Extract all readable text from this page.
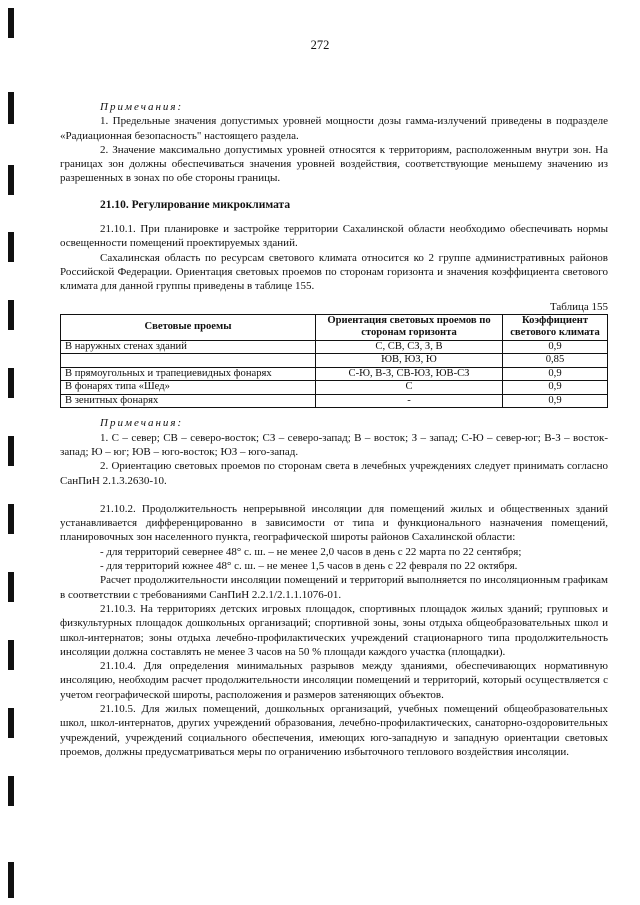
272
Примечания:

1. Предельные значения допустимых уровней мощности дозы гамма-излучений приведены в подразделе «Радиационная безопасность" настоящего раздела.

2. Значение максимально допустимых уровней относятся к территориям, расположенным внутри зон. На границах зон должны обеспечиваться значения уровней воздействия, соответствующие меньшему значению из разрешенных в зонах по обе стороны границы.

21.10. Регулирование микроклимата

21.10.1. При планировке и застройке территории Сахалинской области необходимо обеспечивать нормы освещенности помещений проектируемых зданий.

Сахалинская область по ресурсам светового климата относится ко 2 группе административных районов Российской Федерации. Ориентация световых проемов по сторонам горизонта и значения коэффициента светового климата для данной группы приведены в таблице 155.

Таблица 155
Световые проемы	Ориентация световых проемов по сторонам горизонта	Коэффициент светового климата
В наружных стенах зданий	С, СВ, СЗ, З, В	0,9
	ЮВ, ЮЗ, Ю	0,85
В прямоугольных и трапециевидных фонарях	С-Ю, В-З, СВ-ЮЗ, ЮВ-СЗ	0,9
В фонарях типа «Шед»	С	0,9
В зенитных фонарях	-	0,9
Примечания:

1. С – север; СВ – северо-восток; СЗ – северо-запад; В – восток; З – запад; С-Ю – север-юг; В-З – восток-запад; Ю – юг; ЮВ – юго-восток; ЮЗ – юго-запад.

2. Ориентацию световых проемов по сторонам света в лечебных учреждениях следует принимать согласно СанПиН 2.1.3.2630-10.

21.10.2. Продолжительность непрерывной инсоляции для помещений жилых и общественных зданий устанавливается дифференцированно в зависимости от типа и функционального назначения помещений, планировочных зон населенного пункта, географической широты районов Сахалинской области:

- для территорий севернее 48° с. ш. – не менее 2,0 часов в день с 22 марта по 22 сентября;

- для территорий южнее 48° с. ш. – не менее 1,5 часов в день с 22 февраля по 22 октября.

Расчет продолжительности инсоляции помещений и территорий выполняется по инсоляционным графикам в соответствии с требованиями СанПиН 2.2.1/2.1.1.1076-01.

21.10.3. На территориях детских игровых площадок, спортивных площадок жилых зданий; групповых и физкультурных площадок дошкольных организаций; спортивной зоны, зоны отдыха общеобразовательных школ и школ-интернатов; зоны отдыха лечебно-профилактических учреждений стационарного типа продолжительность инсоляции должна составлять не менее 3 часов на 50 % площади каждого участка (площадки).

21.10.4. Для определения минимальных разрывов между зданиями, обеспечивающих нормативную инсоляцию, необходим расчет продолжительности инсоляции помещений и территорий, который осуществляется с учетом географической широты, расположения и размеров затеняющих объектов.

21.10.5. Для жилых помещений, дошкольных организаций, учебных помещений общеобразовательных школ, школ-интернатов, других учреждений образования, лечебно-профилактических, санаторно-оздоровительных учреждений, учреждений социального обеспечения, имеющих юго-западную и западную ориентации световых проемов, должны предусматриваться меры по ограничению избыточного теплового воздействия инсоляции.
